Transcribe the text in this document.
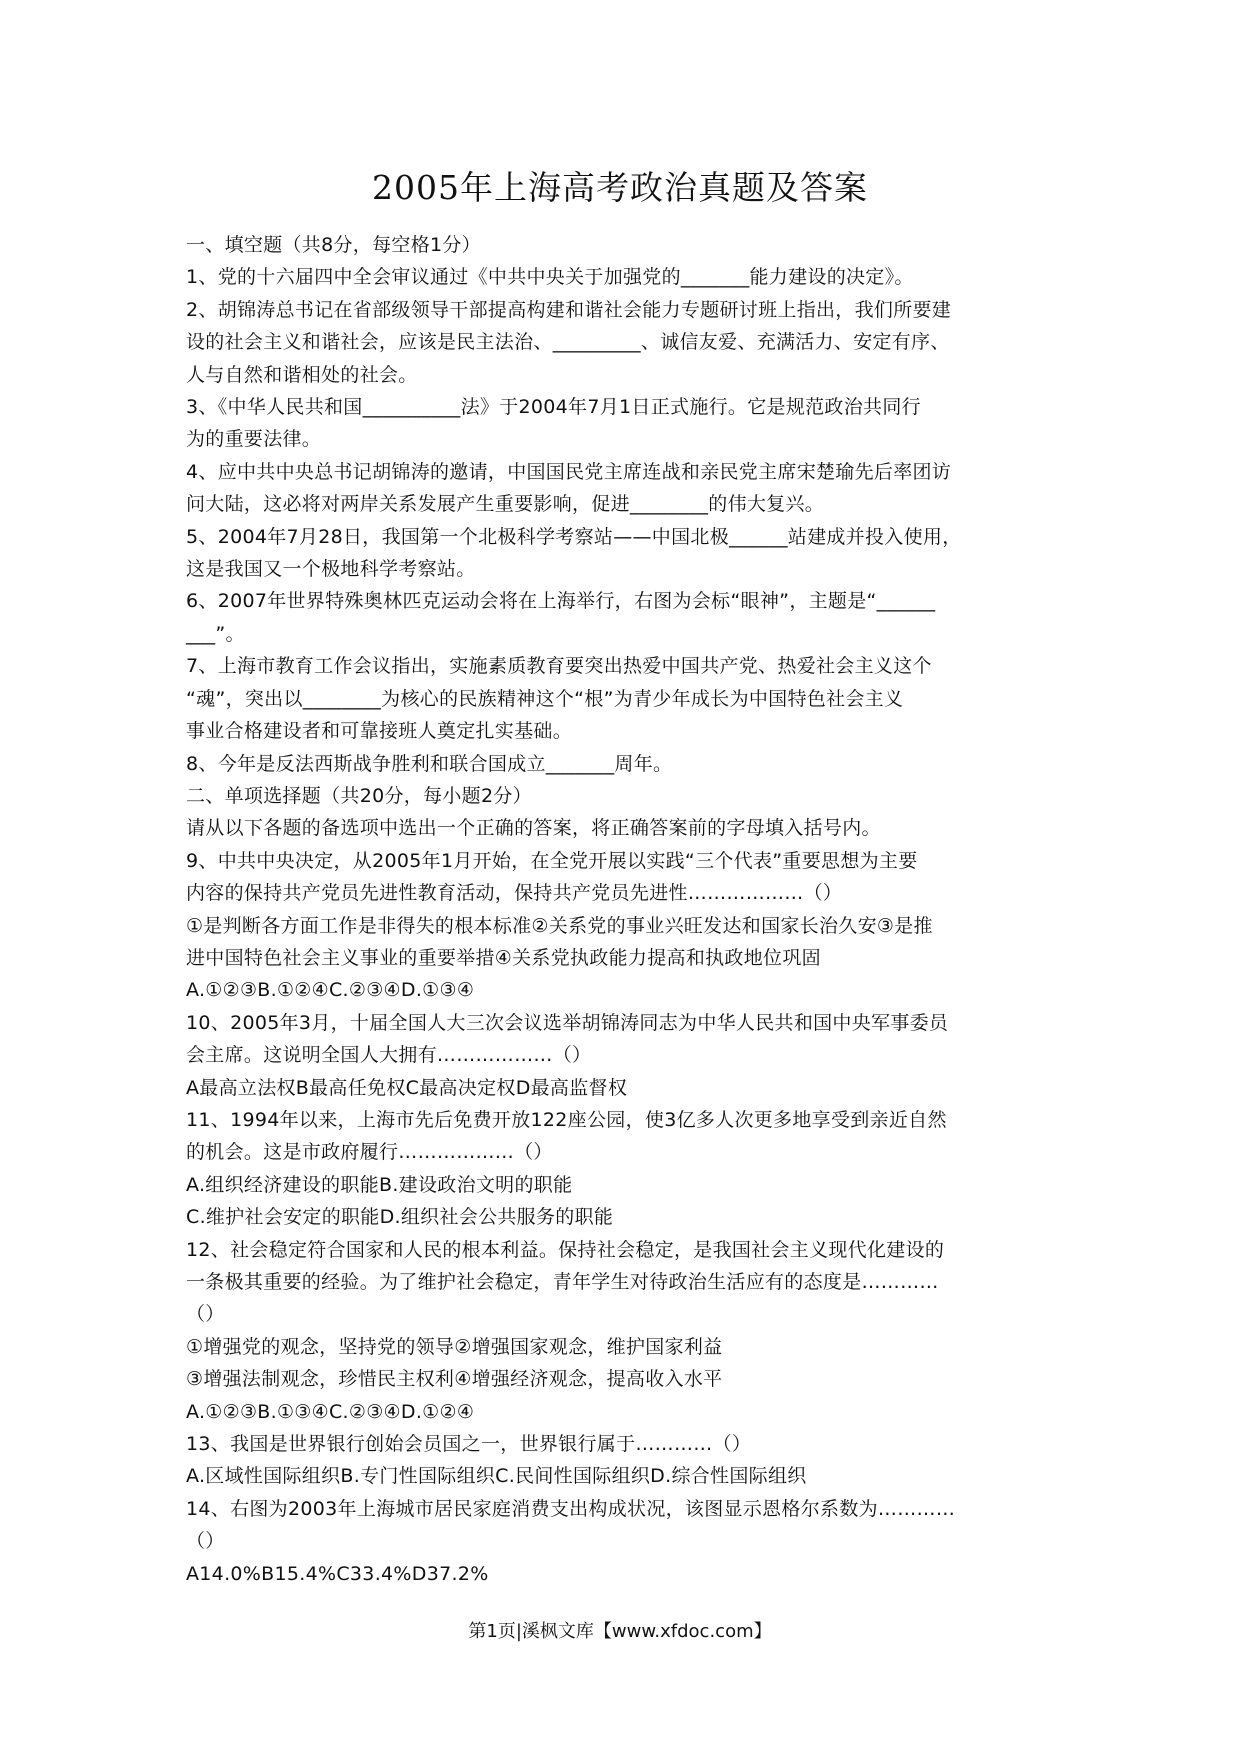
2005年上海高考政治真题及答案

一、填空题（共8分，每空格1分）

1、党的十六届四中全会审议通过《中共中央关于加强党的_______能力建设的决定》。

2、胡锦涛总书记在省部级领导干部提高构建和谐社会能力专题研讨班上指出，我们所要建

设的社会主义和谐社会，应该是民主法治、_________、诚信友爱、充满活力、安定有序、

人与自然和谐相处的社会。

3、《中华人民共和国__________法》于2004年7月1日正式施行。它是规范政治共同行

为的重要法律。

4、应中共中央总书记胡锦涛的邀请，中国国民党主席连战和亲民党主席宋楚瑜先后率团访

问大陆，这必将对两岸关系发展产生重要影响，促进________的伟大复兴。

5、2004年7月28日，我国第一个北极科学考察站——中国北极______站建成并投入使用，

这是我国又一个极地科学考察站。

6、2007年世界特殊奥林匹克运动会将在上海举行，右图为会标“眼神”，主题是“______

___”。

7、上海市教育工作会议指出，实施素质教育要突出热爱中国共产党、热爱社会主义这个

“魂”，突出以________为核心的民族精神这个“根”为青少年成长为中国特色社会主义

事业合格建设者和可靠接班人奠定扎实基础。

8、今年是反法西斯战争胜利和联合国成立_______周年。

二、单项选择题（共20分，每小题2分）

请从以下各题的备选项中选出一个正确的答案，将正确答案前的字母填入括号内。

9、中共中央决定，从2005年1月开始，在全党开展以实践“三个代表”重要思想为主要

内容的保持共产党员先进性教育活动，保持共产党员先进性………………（）

①是判断各方面工作是非得失的根本标准②关系党的事业兴旺发达和国家长治久安③是推

进中国特色社会主义事业的重要举措④关系党执政能力提高和执政地位巩固

A.①②③B.①②④C.②③④D.①③④

10、2005年3月，十届全国人大三次会议选举胡锦涛同志为中华人民共和国中央军事委员

会主席。这说明全国人大拥有………………（）

A最高立法权B最高任免权C最高决定权D最高监督权

11、1994年以来，上海市先后免费开放122座公园，使3亿多人次更多地享受到亲近自然

的机会。这是市政府履行………………（）

A.组织经济建设的职能B.建设政治文明的职能

C.维护社会安定的职能D.组织社会公共服务的职能

12、社会稳定符合国家和人民的根本利益。保持社会稳定，是我国社会主义现代化建设的

一条极其重要的经验。为了维护社会稳定，青年学生对待政治生活应有的态度是…………

（）

①增强党的观念，坚持党的领导②增强国家观念，维护国家利益

③增强法制观念，珍惜民主权利④增强经济观念，提高收入水平

A.①②③B.①③④C.②③④D.①②④

13、我国是世界银行创始会员国之一，世界银行属于…………（）

A.区域性国际组织B.专门性国际组织C.民间性国际组织D.综合性国际组织

14、右图为2003年上海城市居民家庭消费支出构成状况，该图显示恩格尔系数为…………

（）

A14.0%B15.4%C33.4%D37.2%

第1页|溪枫文库【www.xfdoc.com】
